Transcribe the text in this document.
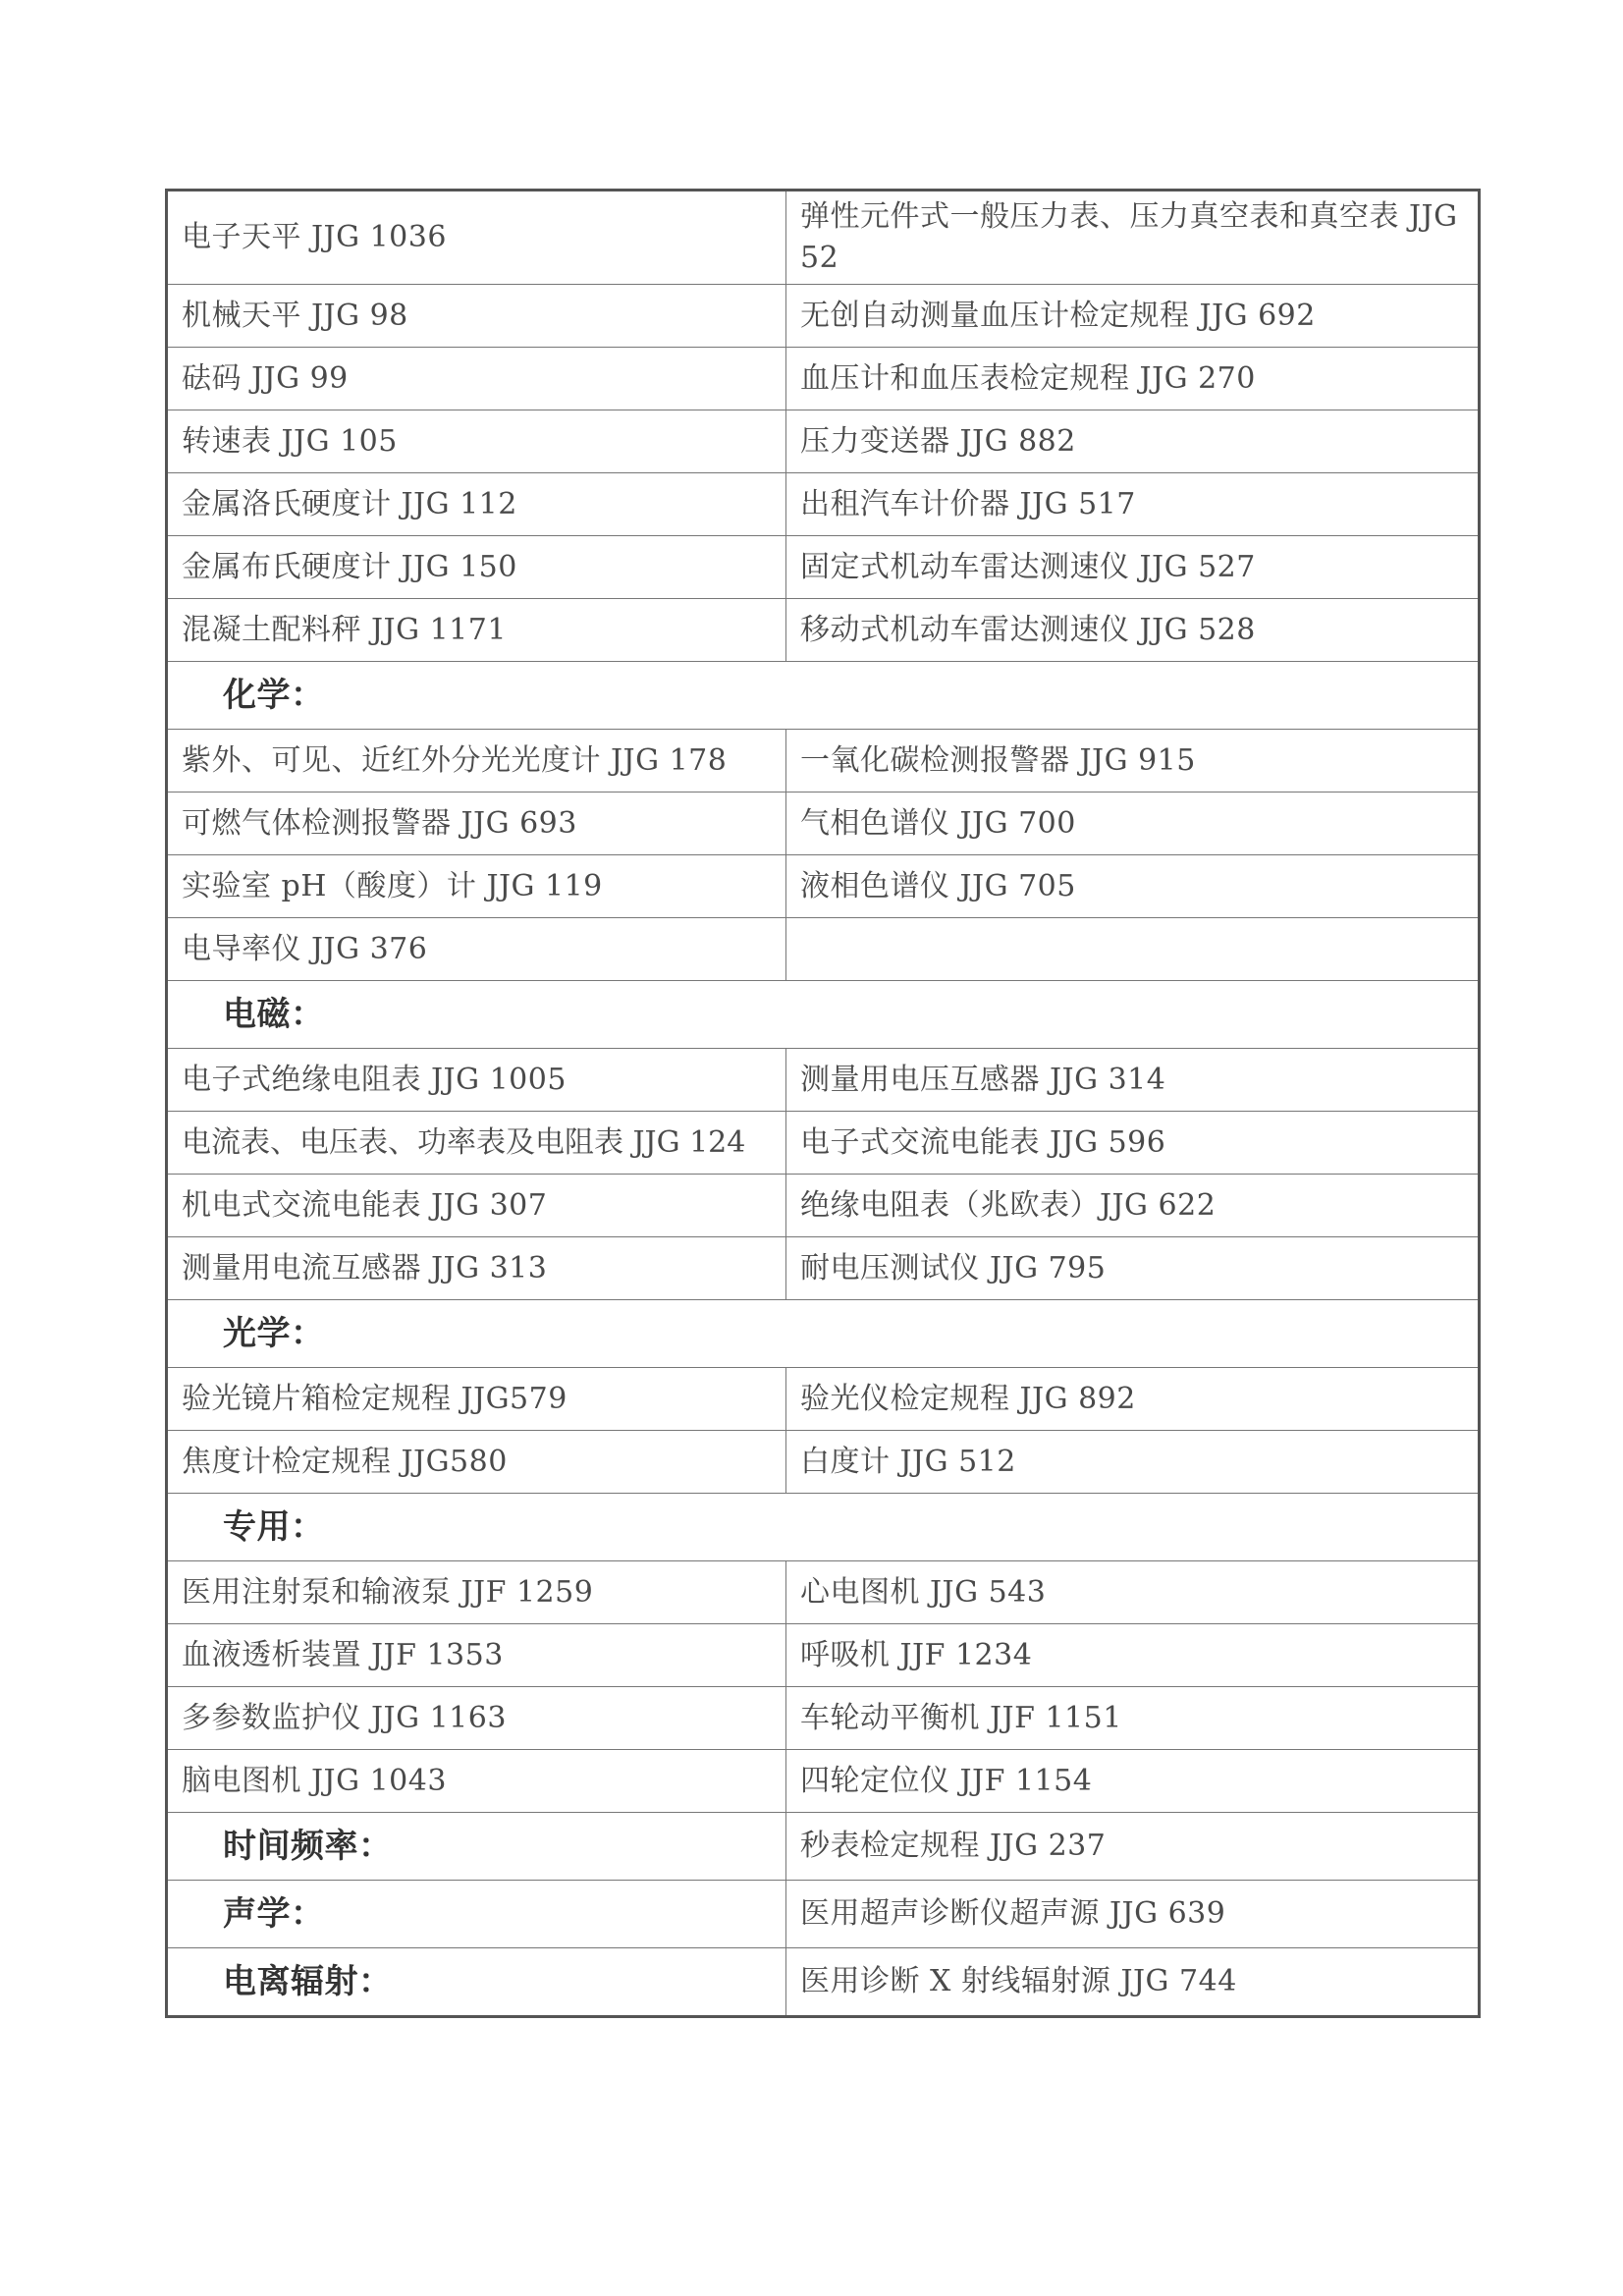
电子天平 JJG 1036	弹性元件式一般压力表、压力真空表和真空表 JJG 52
机械天平 JJG 98	无创自动测量血压计检定规程 JJG 692
砝码 JJG 99	血压计和血压表检定规程 JJG 270
转速表 JJG 105	压力变送器 JJG 882
金属洛氏硬度计 JJG 112	出租汽车计价器 JJG 517
金属布氏硬度计 JJG 150	固定式机动车雷达测速仪 JJG 527
混凝土配料秤 JJG 1171	移动式机动车雷达测速仪 JJG 528
化学：	
紫外、可见、近红外分光光度计 JJG 178	一氧化碳检测报警器 JJG 915
可燃气体检测报警器 JJG 693	气相色谱仪 JJG 700
实验室 pH（酸度）计 JJG 119	液相色谱仪 JJG 705
电导率仪 JJG 376	
电磁：	
电子式绝缘电阻表 JJG 1005	测量用电压互感器 JJG 314
电流表、电压表、功率表及电阻表 JJG 124	电子式交流电能表 JJG 596
机电式交流电能表 JJG 307	绝缘电阻表（兆欧表）JJG 622
测量用电流互感器 JJG 313	耐电压测试仪 JJG 795
光学：	
验光镜片箱检定规程 JJG579	验光仪检定规程 JJG 892
焦度计检定规程 JJG580	白度计 JJG 512
专用：	
医用注射泵和输液泵 JJF 1259	心电图机 JJG 543
血液透析装置 JJF 1353	呼吸机 JJF 1234
多参数监护仪 JJG 1163	车轮动平衡机 JJF 1151
脑电图机 JJG 1043	四轮定位仪 JJF 1154
时间频率：	秒表检定规程 JJG 237
声学：	医用超声诊断仪超声源 JJG 639
电离辐射：	医用诊断 X 射线辐射源 JJG 744
